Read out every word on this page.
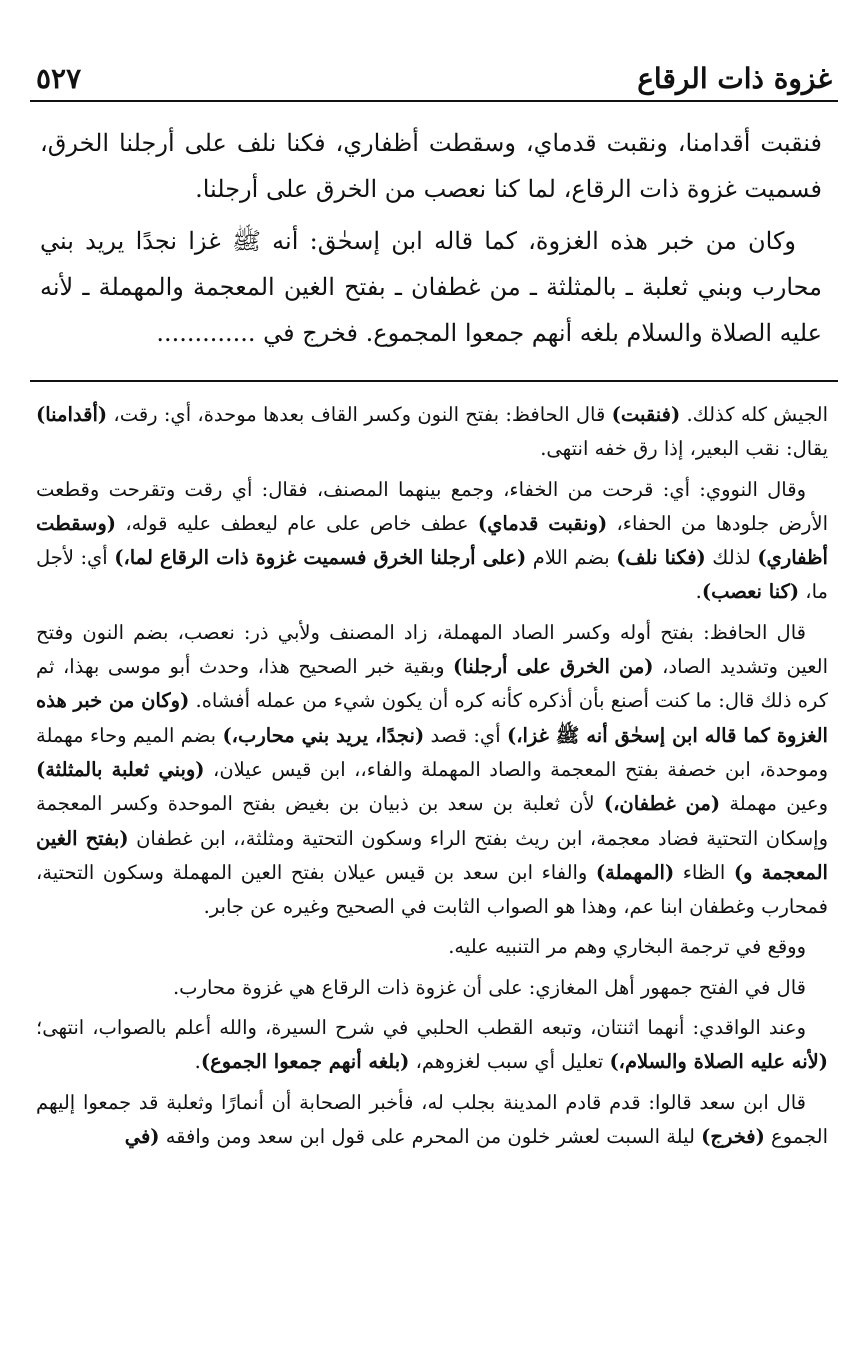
غزوة ذات الرقاع
٥٢٧

فنقبت أقدامنا، ونقبت قدماي، وسقطت أظفاري، فكنا نلف على أرجلنا الخرق، فسميت غزوة ذات الرقاع، لما كنا نعصب من الخرق على أرجلنا.

وكان من خبر هذه الغزوة، كما قاله ابن إسحٰق: أنه ﷺ غزا نجدًا يريد بني محارب وبني ثعلبة ـ بالمثلثة ـ من غطفان ـ بفتح الغين المعجمة والمهملة ـ لأنه عليه الصلاة والسلام بلغه أنهم جمعوا المجموع. فخرج في .............

الجيش كله كذلك. (فنقبت) قال الحافظ: بفتح النون وكسر القاف بعدها موحدة، أي: رقت، (أقدامنا) يقال: نقب البعير، إذا رق خفه انتهى.

وقال النووي: أي: قرحت من الخفاء، وجمع بينهما المصنف، فقال: أي رقت وتقرحت وقطعت الأرض جلودها من الحفاء، (ونقبت قدماي) عطف خاص على عام ليعطف عليه قوله، (وسقطت أظفاري) لذلك (فكنا نلف) بضم اللام (على أرجلنا الخرق فسميت غزوة ذات الرقاع لما،) أي: لأجل ما، (كنا نعصب).

قال الحافظ: بفتح أوله وكسر الصاد المهملة، زاد المصنف ولأبي ذر: نعصب، بضم النون وفتح العين وتشديد الصاد، (من الخرق على أرجلنا) وبقية خبر الصحيح هذا، وحدث أبو موسى بهذا، ثم كره ذلك قال: ما كنت أصنع بأن أذكره كأنه كره أن يكون شيء من عمله أفشاه. (وكان من خبر هذه الغزوة كما قاله ابن إسحٰق أنه ﷺ غزا،) أي: قصد (نجدًا، يريد بني محارب،) بضم الميم وحاء مهملة وموحدة، ابن خصفة بفتح المعجمة والصاد المهملة والفاء،، ابن قيس عيلان، (وبني ثعلبة بالمثلثة) وعين مهملة (من غطفان،) لأن ثعلبة بن سعد بن ذبيان بن بغيض بفتح الموحدة وكسر المعجمة وإسكان التحتية فضاد معجمة، ابن ريث بفتح الراء وسكون التحتية ومثلثة،، ابن غطفان (بفتح الغين المعجمة و) الظاء (المهملة) والفاء ابن سعد بن قيس عيلان بفتح العين المهملة وسكون التحتية، فمحارب وغطفان ابنا عم، وهذا هو الصواب الثابت في الصحيح وغيره عن جابر.

ووقع في ترجمة البخاري وهم مر التنبيه عليه.

قال في الفتح جمهور أهل المغازي: على أن غزوة ذات الرقاع هي غزوة محارب.

وعند الواقدي: أنهما اثنتان، وتبعه القطب الحلبي في شرح السيرة، والله أعلم بالصواب، انتهى؛ (لأنه عليه الصلاة والسلام،) تعليل أي سبب لغزوهم، (بلغه أنهم جمعوا الجموع).

قال ابن سعد قالوا: قدم قادم المدينة بجلب له، فأخبر الصحابة أن أنمارًا وثعلبة قد جمعوا إليهم الجموع (فخرج) ليلة السبت لعشر خلون من المحرم على قول ابن سعد ومن وافقه (في
